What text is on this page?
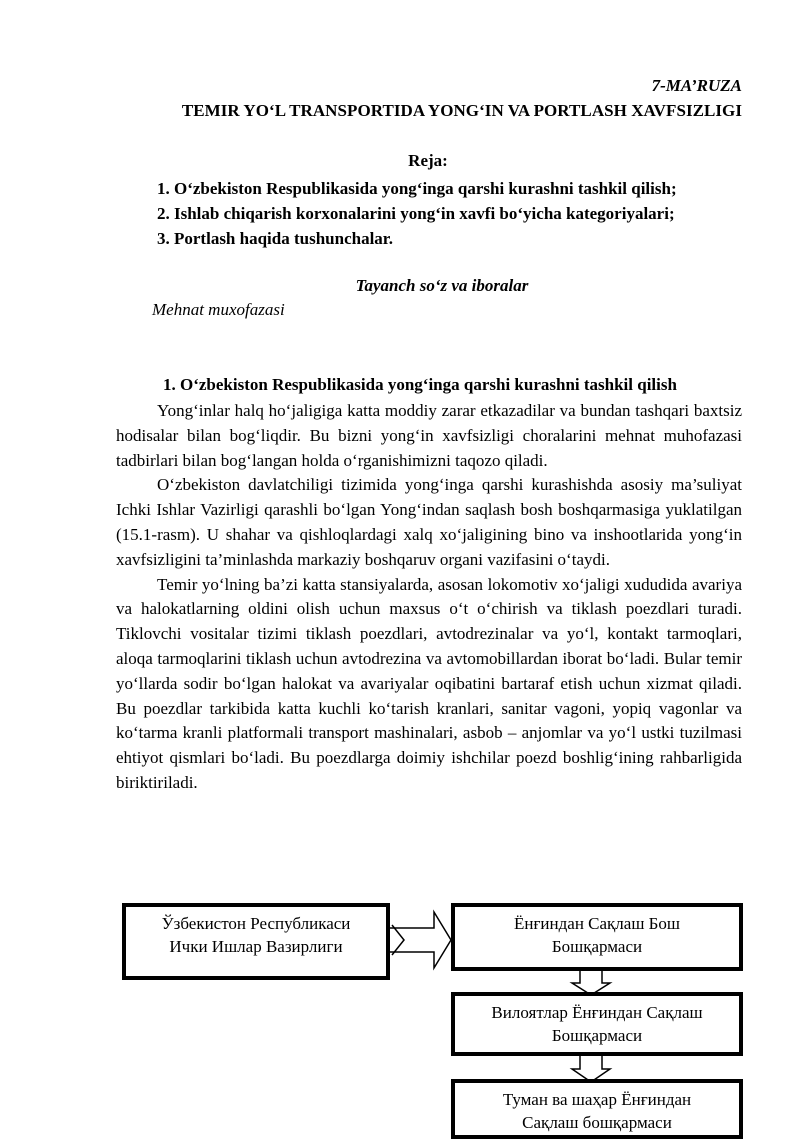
7-MA’RUZA
TEMIR YO‘L TRANSPORTIDA YONG‘IN VA PORTLASH XAVFSIZLIGI
Reja:
1. O‘zbekiston Respublikasida yong‘inga qarshi kurashni tashkil qilish;
2. Ishlab chiqarish korxonalarini yong‘in xavfi bo‘yicha kategoriyalari;
3. Portlash haqida tushunchalar.
Tayanch so‘z va iboralar
Mehnat muxofazasi
1. O‘zbekiston Respublikasida yong‘inga qarshi kurashni tashkil qilish

Yong‘inlar halq ho‘jaligiga katta moddiy zarar etkazadilar va bundan tashqari baxtsiz hodisalar bilan bog‘liqdir. Bu bizni yong‘in xavfsizligi choralarini mehnat muhofazasi tadbirlari bilan bog‘langan holda o‘rganishimizni taqozo qiladi.

O‘zbekiston davlatchiligi tizimida yong‘inga qarshi kurashishda asosiy ma’suliyat Ichki Ishlar Vazirligi qarashli bo‘lgan Yong‘indan saqlash bosh boshqarmasiga yuklatilgan (15.1-rasm). U shahar va qishloqlardagi xalq xo‘jaligining bino va inshootlarida yong‘in xavfsizligini ta’minlashda markaziy boshqaruv organi vazifasini o‘taydi.

Temir yo‘lning ba’zi katta stansiyalarda, asosan lokomotiv xo‘jaligi xududida avariya va halokatlarning oldini olish uchun maxsus o‘t o‘chirish va tiklash poezdlari turadi. Tiklovchi vositalar tizimi tiklash poezdlari, avtodrezinalar va yo‘l, kontakt tarmoqlari, aloqa tarmoqlarini tiklash uchun avtodrezina va avtomobillardan iborat bo‘ladi. Bular temir yo‘llarda sodir bo‘lgan halokat va avariyalar oqibatini bartaraf etish uchun xizmat qiladi. Bu poezdlar tarkibida katta kuchli ko‘tarish kranlari, sanitar vagoni, yopiq vagonlar va ko‘tarma kranli platformali transport mashinalari, asbob – anjomlar va yo‘l ustki tuzilmasi ehtiyot qismlari bo‘ladi. Bu poezdlarga doimiy ishchilar poezd boshlig‘ining rahbarligida biriktiriladi.

Ўзбекистон Республикаси
Ички Ишлар Вазирлиги
Ёнғиндан Сақлаш Бош
Бошқармаси
Вилоятлар Ёнғиндан Сақлаш
Бошқармаси
Туман ва шаҳар Ёнғиндан
Сақлаш бошқармаси
